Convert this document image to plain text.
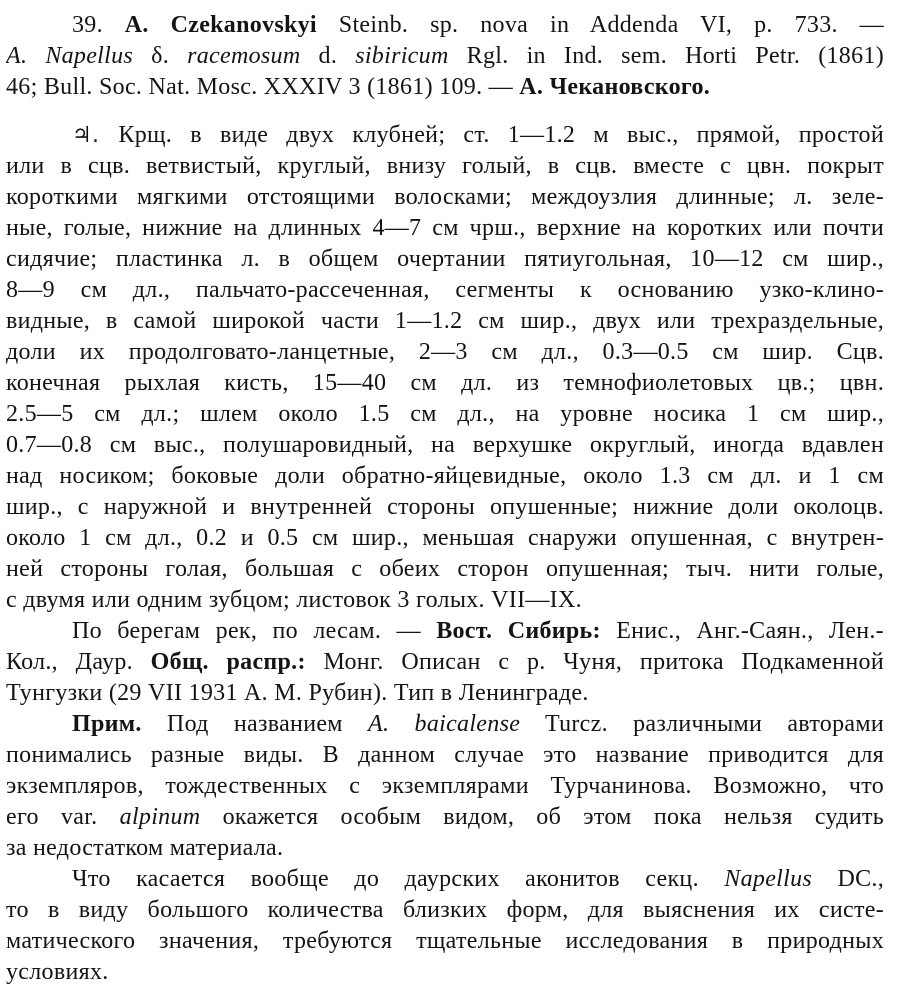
39. A. Czekanovskyi Steinb. sp. nova in Addenda VI, p. 733. —
A. Napellus δ. racemosum d. sibiricum Rgl. in Ind. sem. Horti Petr. (1861)
46; Bull. Soc. Nat. Mosc. XXXIV 3 (1861) 109. — А. Чекановского.
♃. Крщ. в виде двух клубней; ст. 1—1.2 м выс., прямой, простой
или в сцв. ветвистый, круглый, внизу голый, в сцв. вместе с цвн. покрыт
короткими мягкими отстоящими волосками; междоузлия длинные; л. зеле-
ные, голые, нижние на длинных 4—7 см чрш., верхние на коротких или почти
сидячие; пластинка л. в общем очертании пятиугольная, 10—12 см шир.,
8—9 см дл., пальчато-рассеченная, сегменты к основанию узко-клино-
видные, в самой широкой части 1—1.2 см шир., двух или трехраздельные,
доли их продолговато-ланцетные, 2—3 см дл., 0.3—0.5 см шир. Сцв.
конечная рыхлая кисть, 15—40 см дл. из темнофиолетовых цв.; цвн.
2.5—5 см дл.; шлем около 1.5 см дл., на уровне носика 1 см шир.,
0.7—0.8 см выс., полушаровидный, на верхушке округлый, иногда вдавлен
над носиком; боковые доли обратно-яйцевидные, около 1.3 см дл. и 1 см
шир., с наружной и внутренней стороны опушенные; нижние доли околоцв.
около 1 см дл., 0.2 и 0.5 см шир., меньшая снаружи опушенная, с внутрен-
ней стороны голая, большая с обеих сторон опушенная; тыч. нити голые,
с двумя или одним зубцом; листовок 3 голых. VII—IX.
По берегам рек, по лесам. — Вост. Сибирь: Енис., Анг.-Саян., Лен.-
Кол., Даур. Общ. распр.: Монг. Описан с р. Чуня, притока Подкаменной
Тунгузки (29 VII 1931 А. М. Рубин). Тип в Ленинграде.
Прим. Под названием A. baicalense Turcz. различными авторами
понимались разные виды. В данном случае это название приводится для
экземпляров, тождественных с экземплярами Турчанинова. Возможно, что
его var. alpinum окажется особым видом, об этом пока нельзя судить
за недостатком материала.
Что касается вообще до даурских аконитов секц. Napellus DC.,
то в виду большого количества близких форм, для выяснения их систе-
матического значения, требуются тщательные исследования в природных
условиях.
